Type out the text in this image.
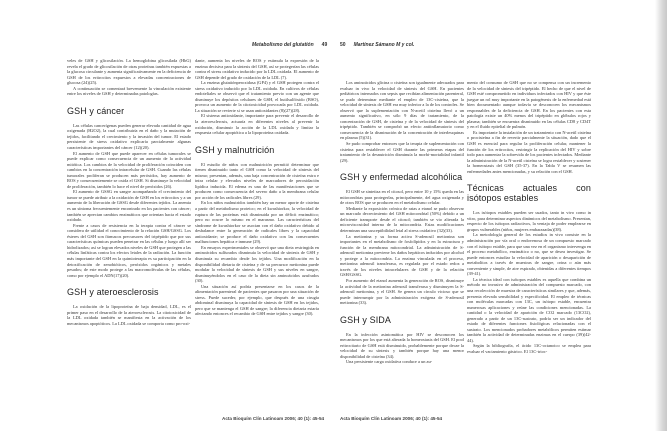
Metabolismo del glutatión 49

veles de GSH y glicosilación. La hemoglobina glicosilada (HbG) revela el grado de glicosilación de otras proteínas también expuestas a la glucosa circulante y aumenta significativamente en la deficiencia de GSH de los eritrocitos expuestos a elevadas concentraciones de glucosa (24)(25).

A continuación se comentará brevemente la vinculación existente entre los niveles de GSH y determinadas patologías.

GSH y cáncer

Las células cancerígenas pueden generar elevada cantidad de agua oxigenada (H2O2), la cual contribuiría en el daño y la mutación de tejidos, facilitando el crecimiento y la invasión del tumor. El estado persistente de stress oxidativo explicaría parcialmente algunas características importantes del cáncer (12)(20).

El aumento de GSH que puede aparecer en células tumorales se puede explicar como consecuencia de un aumento de la actividad mitótica. Los cambios de la velocidad de proliferación coinciden con cambios en la concentración intracelular de GSH. Cuando las células tumorales proliferan se producen más peróxidos, hay aumento de ROS y consecuentemente se oxida el GSH. Si disminuye la velocidad de proliferación, también lo hace el nivel de peróxidos (26).

El aumento de GSSG en sangre acompañando el crecimiento del tumor se puede atribuir a la oxidación de GSH en los eritrocitos y a un aumento de la liberación de GSSG desde diferentes tejidos. La anemia es un síntoma frecuentemente encontrado en los pacientes con cáncer; también se aprecian cambios enzimáticos que orientan hacia el estado oxidado.

Frente a casos de resistencia en la terapia contra el cáncer se considera de utilidad el conocimiento de la relación GSH/GSSG. Los ésteres del GSH son fármacos precursores del tripéptido que por sus características químicas pueden penetrar en las células y luego allí ser hidrolizados; así se logran elevados niveles de GSH que protegen a las células linfáticas contra los efectos letales de la radiación. La función más importante del GSH en la quimioterapia es su participación en la detoxificación de xenobióticos, peróxidos orgánicos y metales pesados; de este modo protege a las macromoléculas de las células, como por ejemplo el ADN(17)(20).

GSH y ateroesclerosis

La oxidación de la lipoproteína de baja densidad, LDL, es el primer paso en el desarrollo de la ateroesclerosis. La citotoxicidad de la LDL oxidada también se manifiesta en la activación de los mecanismos apoptóticos. La LDL oxidada se comporta como pro-oxi-

dante, aumenta los niveles de ROS y estimula la expresión de la enzima decisiva para la síntesis del GSH, así se protegerían las células contra el stress oxidativo inducido por la LDL oxidada. El aumento de GSH depende del grado de oxidación de la LDL (7).

La enzima glutatiónperoxidasa (GP4) y el GSH protegen contra el stress oxidativo inducido por la LDL oxidada. En cultivos de células endoteliales se observó que el tratamiento previo con un agente que disminuye los depósitos celulares de GSH, el butilsulfóxido (BSO), provoca un aumento de la citotoxicidad provocada por LDL oxidada. La situación se revierte si se usan antioxidantes (8)(27)(28).

El sistema antioxidante, importante para prevenir el desarrollo de la ateroesclerosis, actuaría en diferentes niveles al prevenir la oxidación, disminuir la acción de la LDL oxidada y limitar la respuesta celular apoptótica a la lipoproteína oxidada.

GSH y malnutrición

El estudio de niños con malnutrición permitió determinar que tienen disminuido tanto el GSH como la velocidad de síntesis del mismo; presentan, además, una baja concentración de cisteína extra e intra celular y elevados niveles de marcadores de peroxidación lipídica inducida. El edema es una de las manifestaciones que se producen como consecuencia del severo daño a la membrana celular por acción de los radicales libres (29).

En los niños malnutridos también hay un menor aporte de cisteína a partir del metabolismo proteico; en el kwashiorkor, la velocidad de ruptura de las proteínas está disminuida por un déficit enzimático; pero no ocurre lo mismo en el marasmo. Las características del síndrome de kwashiorkor se asocian con el daño oxidativo debido al desbalance entre la generación de radicales libres y la capacidad antioxidante; se produce el daño oxidativo con las consecuentes malfunciones hepática e inmune (29).

En ensayos experimentales se observó que una dieta restringida en aminoácidos sulfurados disminuía la velocidad de síntesis de GSH y disminuía su recambio desde los tejidos. Una modificación en la disponibilidad dietaria de cisteína y de su precursor metionina puede modular la velocidad de síntesis de GSH y sus niveles en sangre, disminuyéndolos en el caso de la dieta sin aminoácidos azufrados (30).

Una situación así podría presentarse en los casos de la alimentación parenteral de pacientes que pasaron por una situación de stress. Puede suceder, por ejemplo, que después de una cirugía abdominal disminuya la capacidad de síntesis de GSH en los tejidos, pero que se mantenga el GSH de sangre; la diferencia dietaria estaría afectando entonces el recambio de GSH entre tejidos y sangre (30).

Acta Bioquím Clín Latinoam 2006; 40 (1): 45-54
50 Martínez Sámano M y col.

Los aminoácidos glicina o cisteína son igualmente adecuados para evaluar in vivo la velocidad de síntesis del GSH. En pacientes pediátricos internados con sepsis que recibían alimentación parenteral, se pudo determinar mediante el empleo de 13C-cisteína, que la velocidad de síntesis de GSH era muy inferior a la de los controles. Se observó que la suplementación con N-acetil cisteína llevó a un aumento significativo, en sólo 9 días de tratamiento, de la concentración de GSH, de cisteína y de la velocidad de síntesis del tripéptido. También se comprobó un efecto antiinflamatorio como consecuencia de la disminución de la concentración de interleuquinas en plasma (5)(31).

Se pudo comprobar entonces que la terapia de suplementación con cisteína para restablecer el GSH durante las primeras etapas del tratamiento de la desnutrición disminuía la morbi-mortalidad infantil (29).

GSH y enfermedad alcohólica

El GSH se sintetiza en el citosol, pero entre 10 y 15% queda en las mitocondrias para protegerlas, principalmente, del agua oxigenada y de otros ROS que se producen en el metabolismo celular.

Mediante la exposición crónica de ratas a etanol se pudo observar un marcado decrecimiento del GSH mitocondrial (50%) debido a un deficiente transporte desde el citosol; también se vio alterada la microviscosidad interna de la mitocondria. Estas modificaciones determinan una susceptibilidad letal al stress oxidativo (32)(33).

La metionina y su forma activa S-adenosil metionina son importantes en el metabolismo de fosfolípidos y en la estructura y función de la membrana mitocondrial. La administración de S-adenosil metionina previene los daños hepáticos inducidos por alcohol y protege a la mitocondria. La enzima vinculada en el proceso, metionina adenosil transferasa, es regulada por el estado redox a través de los niveles intracelulares de GSH y de la relación GSH/GSSG.

Por aumento del etanol aumenta la generación de ROS, disminuye la actividad de la metionina adenosil transferasa y disminuyen la S-adenosil metionina, y el GSH. Se genera un círculo vicioso que se puede interrumpir por la administración exógena de S-adenosil metionina (33).

GSH y SIDA

En la infección asintomática por HIV se desconocen los mecanismos por los que está alterada la homeostasis del GSH. El pool eritrocitario de GSH está disminuido, probablemente porque decae la velocidad de su síntesis y también porque hay una menor disponibilidad de cisteína (34).

Una persistente carga oxidativa conduce a un au-

mento del consumo de GSH que no se compensa con un incremento de la velocidad de síntesis del tripéptido. El hecho de que el nivel de GSH esté comprometido en individuos infectados con HIV y que éste juegue un rol muy importante en la patogénesis de la enfermedad está bien documentado aunque todavía se desconocen los mecanismos responsables de la deficiencia de GSH. En los pacientes con esta patología existe un 40% menos del tripéptido en glóbulos rojos y plasma; también se encuentra disminuido en las células CD8 y CD4T y en el fluido epitelial de pulmón.

Es importante la instalación de un tratamiento con N-acetil cisteína o procisteína a fin de revertir parcialmente la situación, dado que el GSH es esencial para regular la proliferación celular, mantener la función de los eritrocitos, restringir la replicación del HIV y sobre todo para aumentar la sobrevida de los pacientes infectados. Mediante la administración de la N-acetil cisteína se logra restablecer y sostener la homeostasis del GSH (35-37). En la Tabla V se resumen las enfermedades antes mencionadas, y su relación con el GSH.

Técnicas actuales con isótopos estables

Los isótopos estables pueden ser usados, tanto in vivo como in vitro, para determinar aspectos dinámicos del metabolismo. Presentan, respecto de los isótopos radiactivos, la ventaja de poder emplearse en grupos vulnerables (niños, mujeres embarazadas)(38).

La metodología general de los estudios in vivo consiste en la administración por vía oral o endovenosa de un compuesto marcado con el isótopo estable, para que una vez en el organismo intervenga en el proceso metabólico, enzimático o no, que se desea investigar. Se puede entonces estudiar la velocidad de aparición o desaparición de metabolitos a través de muestras de sangre, orina o aún más conveniente y simple, de aire espirado, obtenidas a diferentes tiempos (39-41).

La técnica ideal con isótopos estables es aquella que combina un método no invasivo de administración del compuesto marcado, con una recolección de muestra de características similares y que, además, presenta elevada sensibilidad y especificidad. El empleo de técnicas con moléculas marcadas con 13C, un isótopo estable, encuentra numerosas aplicaciones y reúne las condiciones mencionadas. La cantidad o la velocidad de aparición de CO2 marcado (13CO2), generado a partir de un 13C-sustrato, podría ser un indicador del estado de diferentes funciones fisiológicas relacionadas con el sustrato. Los mencionados probadores metabólicos permiten estimar también la actividad de determinadas enzimas en el cuerpo (39)(42-44).

Según la bibliografía, el ácido 13C-octanoico se emplea para evaluar el vaciamiento gástrico. El 13C-trioc-

Acta Bioquím Clín Latinoam 2006; 40 (1): 45-54
